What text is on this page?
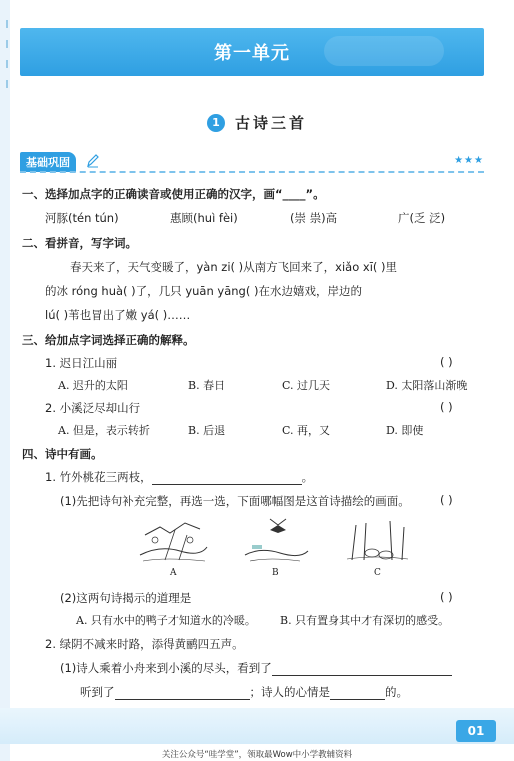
第一单元
1	古诗三首
基础巩固	★★★
一、选择加点字的正确读音或使用正确的汉字，画“____”。
河豚(tén tún)	惠顾(huì fèi)	(崇 祟)高	广(乏 泛)
二、看拼音，写字词。
春天来了，天气变暖了，yàn zi( )从南方飞回来了，xiǎo xī( )里
的冰 róng huà( )了，几只 yuān yāng( )在水边嬉戏，岸边的
lú( )苇也冒出了嫩 yá( )……
三、给加点字词选择正确的解释。
1. 迟日江山丽	( )
A. 迟升的太阳	B. 春日	C. 过几天	D. 太阳落山渐晚
2. 小溪泛尽却山行	( )
A. 但是，表示转折	B. 后退	C. 再，又	D. 即使
四、诗中有画。
1. 竹外桃花三两枝，	。
(1)先把诗句补充完整，再选一选，下面哪幅图是这首诗描绘的画面。	( )
A	B	C
(2)这两句诗揭示的道理是	( )
A. 只有水中的鸭子才知道水的冷暖。 B. 只有置身其中才有深切的感受。
2. 绿阴不减来时路，添得黄鹂四五声。
(1)诗人乘着小舟来到小溪的尽头，看到了
听到了	；诗人的心情是	的。
01
关注公众号“哇学堂”，领取最Wow中小学教辅资料
